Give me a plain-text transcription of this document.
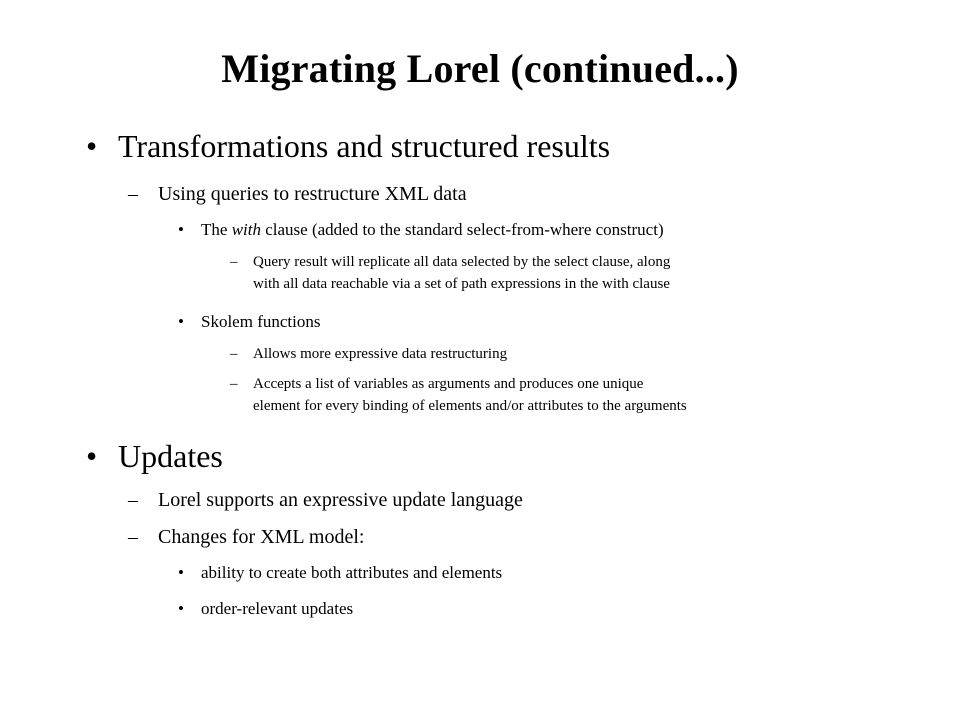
Migrating Lorel (continued...)
• Transformations and structured results
– Using queries to restructure XML data
• The with clause (added to the standard select-from-where construct)
– Query result will replicate all data selected by the select clause, along
with all data reachable via a set of path expressions in the with clause
• Skolem functions
– Allows more expressive data restructuring
– Accepts a list of variables as arguments and produces one unique
element for every binding of elements and/or attributes to the arguments
• Updates
– Lorel supports an expressive update language
– Changes for XML model:
• ability to create both attributes and elements
• order-relevant updates
